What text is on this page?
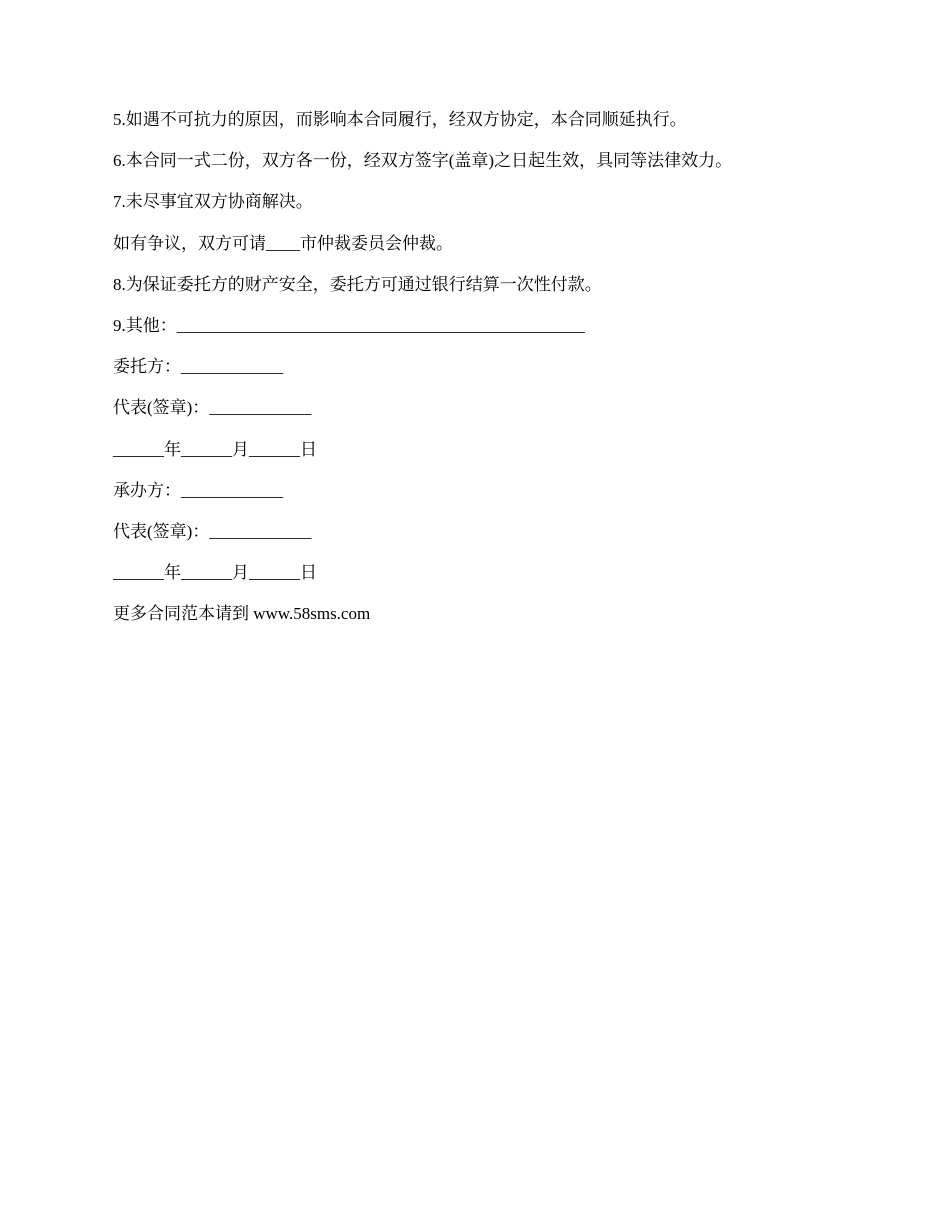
5.如遇不可抗力的原因，而影响本合同履行，经双方协定，本合同顺延执行。
6.本合同一式二份，双方各一份，经双方签字(盖章)之日起生效，具同等法律效力。
7.未尽事宜双方协商解决。
如有争议，双方可请____市仲裁委员会仲裁。
8.为保证委托方的财产安全，委托方可通过银行结算一次性付款。
9.其他：________________________________________________
委托方：____________
代表(签章)：____________
______年______月______日
承办方：____________
代表(签章)：____________
______年______月______日
更多合同范本请到 www.58sms.com
